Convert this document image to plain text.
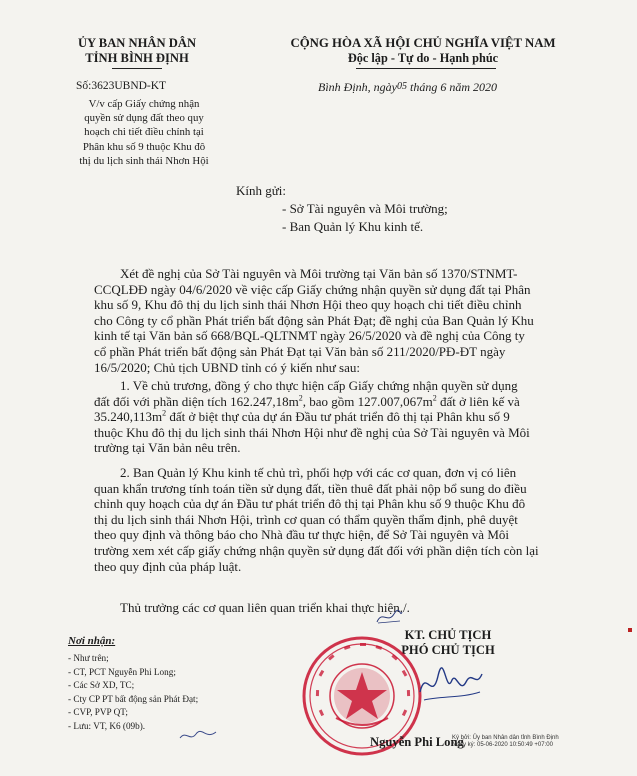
ỦY BAN NHÂN DÂN
TỈNH BÌNH ĐỊNH
Số:3623UBND-KT
V/v cấp Giấy chứng nhận
quyền sử dụng đất theo quy
hoạch chi tiết điều chỉnh tại
Phân khu số 9 thuộc Khu đô
thị du lịch sinh thái Nhơn Hội
CỘNG HÒA XÃ HỘI CHỦ NGHĨA VIỆT NAM
Độc lập - Tự do - Hạnh phúc
Bình Định, ngày05 tháng 6 năm 2020
Kính gửi:
- Sở Tài nguyên và Môi trường;
- Ban Quản lý Khu kinh tế.
Xét đề nghị của Sở Tài nguyên và Môi trường tại Văn bản số 1370/STNMT-
CCQLĐĐ ngày 04/6/2020 về việc cấp Giấy chứng nhận quyền sử dụng đất tại Phân
khu số 9, Khu đô thị du lịch sinh thái Nhơn Hội theo quy hoạch chi tiết điều chỉnh
cho Công ty cổ phần Phát triển bất động sản Phát Đạt; đề nghị của Ban Quản lý Khu
kinh tế tại Văn bản số 668/BQL-QLTNMT ngày 26/5/2020 và đề nghị của Công ty
cổ phần Phát triển bất động sản Phát Đạt tại Văn bản số 211/2020/PĐ-ĐT ngày
16/5/2020; Chủ tịch UBND tỉnh có ý kiến như sau:
1. Về chủ trương, đồng ý cho thực hiện cấp Giấy chứng nhận quyền sử dụng
đất đối với phần diện tích $162.247,18m^2$, bao gồm $127.007,067m^2$ đất ở liên kế và
$35.240,113m^2$ đất ở biệt thự của dự án Đầu tư phát triển đô thị tại Phân khu số 9
thuộc Khu đô thị du lịch sinh thái Nhơn Hội như đề nghị của Sở Tài nguyên và Môi
trường tại Văn bản nêu trên.
2. Ban Quản lý Khu kinh tế chủ trì, phối hợp với các cơ quan, đơn vị có liên
quan khẩn trương tính toán tiền sử dụng đất, tiền thuê đất phải nộp bổ sung do điều
chỉnh quy hoạch của dự án Đầu tư phát triển đô thị tại Phân khu số 9 thuộc Khu đô
thị du lịch sinh thái Nhơn Hội, trình cơ quan có thẩm quyền thẩm định, phê duyệt
theo quy định và thông báo cho Nhà đầu tư thực hiện, để Sở Tài nguyên và Môi
trường xem xét cấp giấy chứng nhận quyền sử dụng đất đối với phần diện tích còn lại
theo quy định của pháp luật.
Thủ trưởng các cơ quan liên quan triển khai thực hiện./.
Nơi nhận:
- Như trên;
- CT, PCT Nguyễn Phi Long;
- Các Sở XD, TC;
- Cty CP PT bất động sản Phát Đạt;
- CVP, PVP QT;
- Lưu: VT, K6 (09b).
KT. CHỦ TỊCH
PHÓ CHỦ TỊCH
Nguyễn Phi Long
Ký bởi: Ủy ban Nhân dân tỉnh Bình Định
Ngày ký: 05-06-2020 10:50:49 +07:00
